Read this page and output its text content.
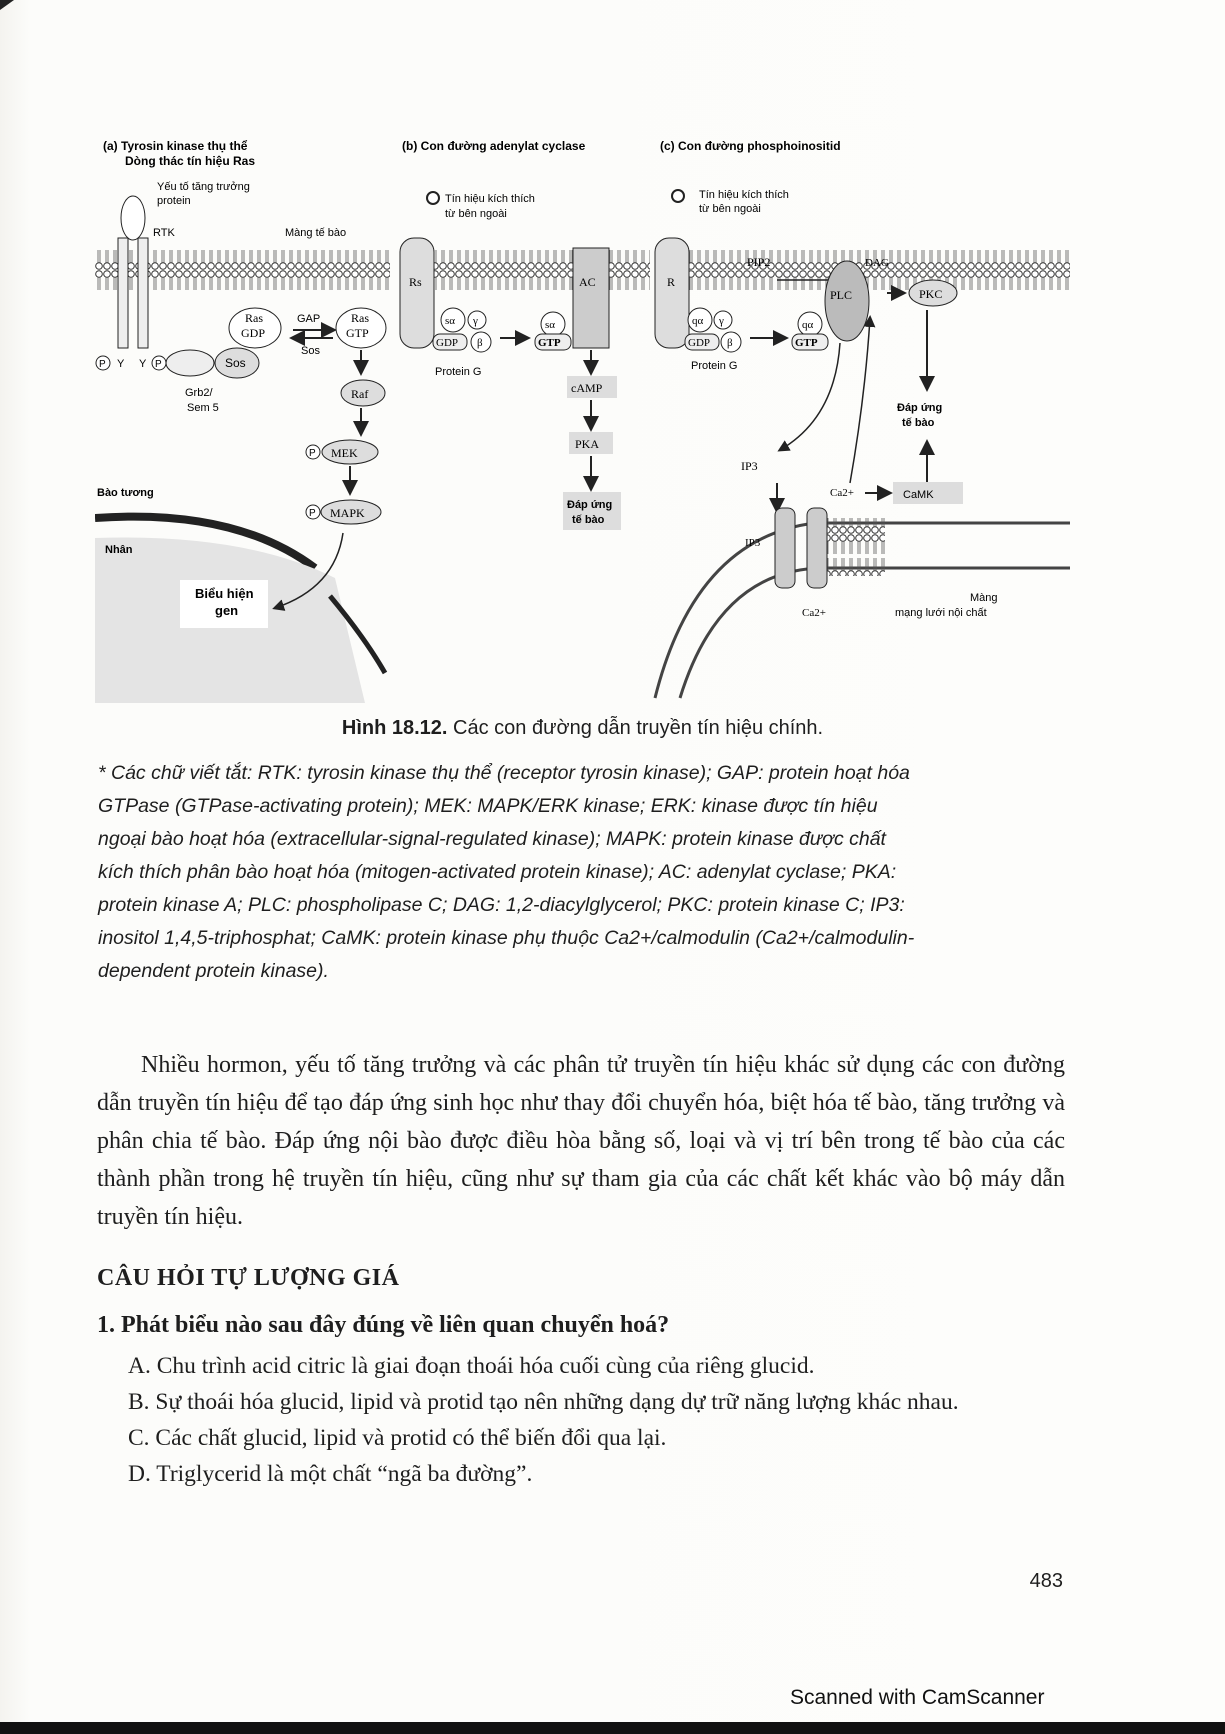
(a) Tyrosin kinase thụ thể
Dòng thác tín hiệu Ras
Yếu tố tăng trưởng
protein
RTK	Màng tế bào
Ras
GDP
GAP
Sos
Ras
GTP
P Y Y P	Sos
Grb2/
Sem 5
Raf
P MEK
P MAPK
Bào tương
Nhân
Biểu hiện
gen
(b) Con đường adenylat cyclase
Tín hiệu kích thích
từ bên ngoài
Rs
sα γ
GDP β
sα
GTP
Protein G
AC
cAMP
PKA
Đáp ứng
tế bào
(c) Con đường phosphoinositid
Tín hiệu kích thích
từ bên ngoài
R
qα γ
GDP β
Protein G
qα
GTP
PIP2	DAG
PLC	PKC
Đáp ứng
tế bào
CaMK
Ca2+
IP3
IP3
Ca2+
Màng
mạng lưới nội chất
Hình 18.12. Các con đường dẫn truyền tín hiệu chính.
* Các chữ viết tắt: RTK: tyrosin kinase thụ thể (receptor tyrosin kinase); GAP: protein hoạt hóa
GTPase (GTPase-activating protein); MEK: MAPK/ERK kinase; ERK: kinase được tín hiệu
ngoại bào hoạt hóa (extracellular-signal-regulated kinase); MAPK: protein kinase được chất
kích thích phân bào hoạt hóa (mitogen-activated protein kinase); AC: adenylat cyclase; PKA:
protein kinase A; PLC: phospholipase C; DAG: 1,2-diacylglycerol; PKC: protein kinase C; IP3:
inositol 1,4,5-triphosphat; CaMK: protein kinase phụ thuộc Ca2+/calmodulin (Ca2+/calmodulin-
dependent protein kinase).

Nhiều hormon, yếu tố tăng trưởng và các phân tử truyền tín hiệu khác sử dụng các con đường dẫn truyền tín hiệu để tạo đáp ứng sinh học như thay đổi chuyển hóa, biệt hóa tế bào, tăng trưởng và phân chia tế bào. Đáp ứng nội bào được điều hòa bằng số, loại và vị trí bên trong tế bào của các thành phần trong hệ truyền tín hiệu, cũng như sự tham gia của các chất kết khác vào bộ máy dẫn truyền tín hiệu.

CÂU HỎI TỰ LƯỢNG GIÁ
1. Phát biểu nào sau đây đúng về liên quan chuyển hoá?
A. Chu trình acid citric là giai đoạn thoái hóa cuối cùng của riêng glucid.
B. Sự thoái hóa glucid, lipid và protid tạo nên những dạng dự trữ năng lượng khác nhau.
C. Các chất glucid, lipid và protid có thể biến đổi qua lại.
D. Triglycerid là một chất “ngã ba đường”.
483
Scanned with CamScanner
